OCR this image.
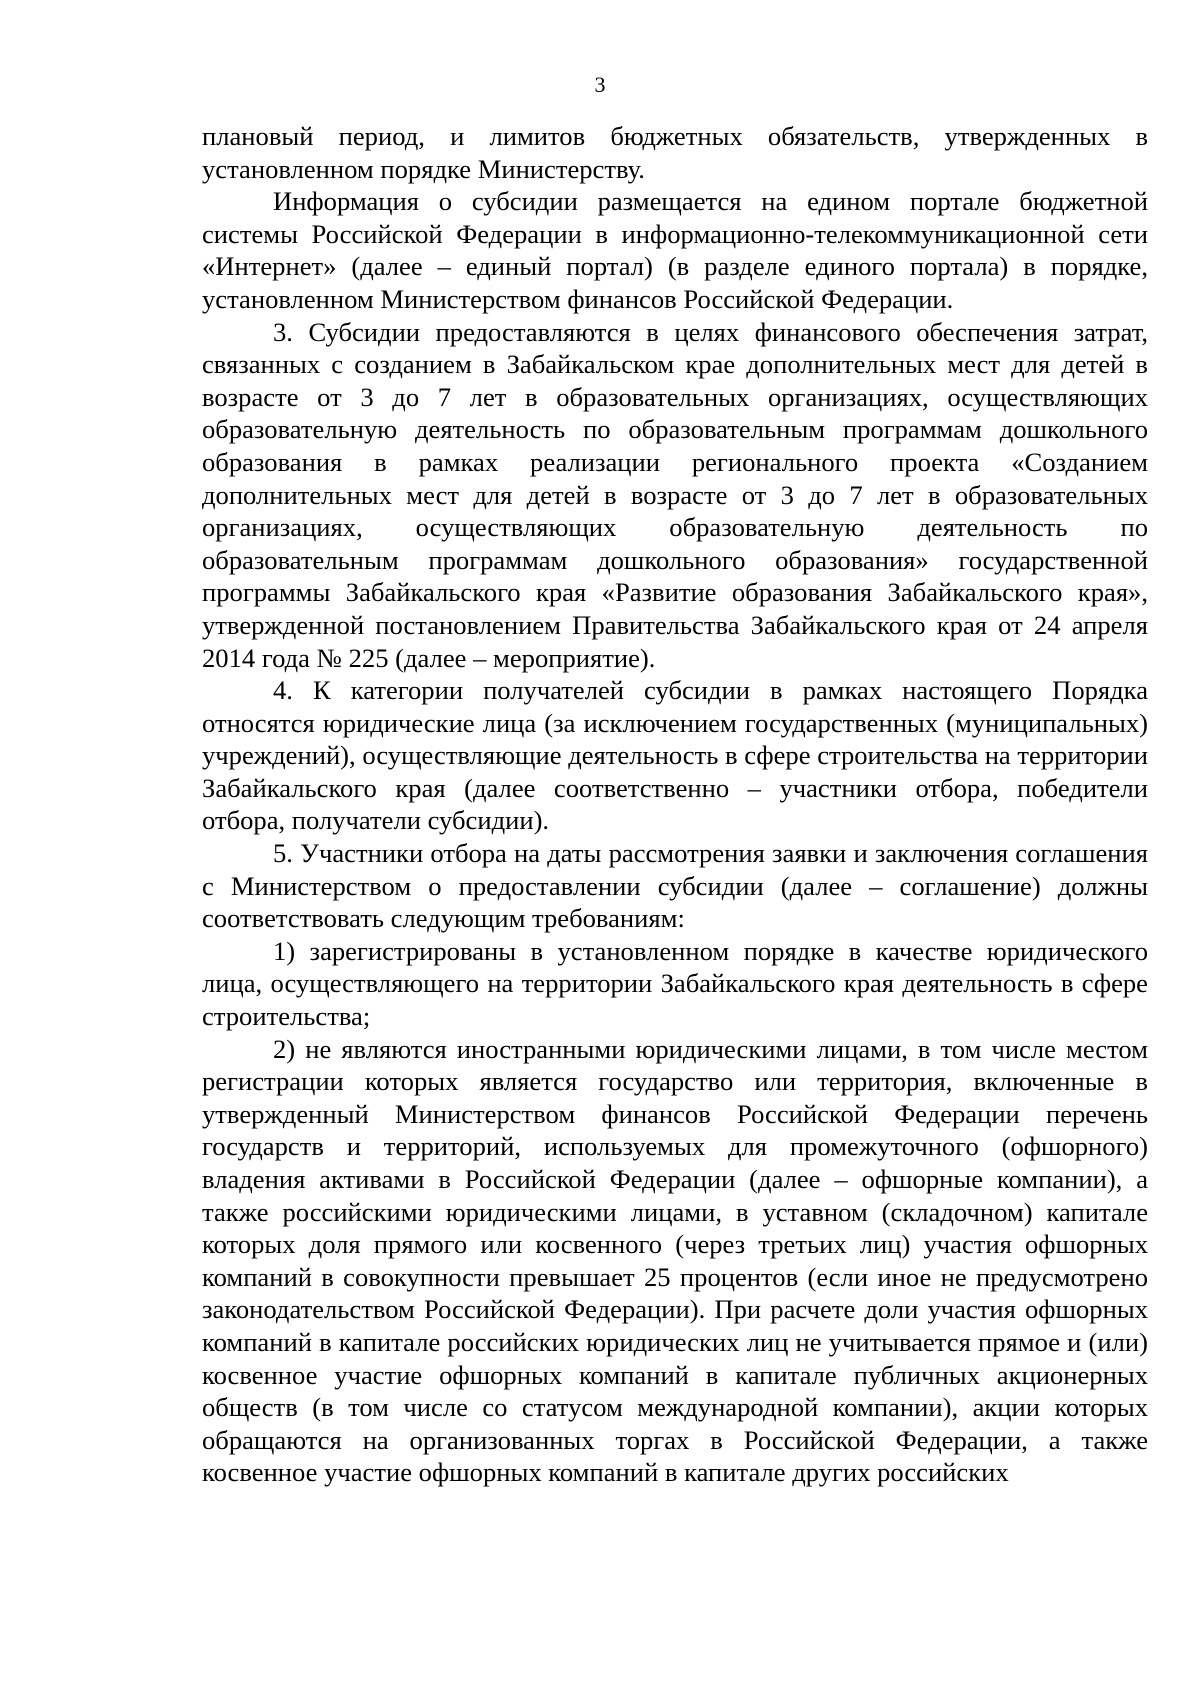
3

плановый период, и лимитов бюджетных обязательств, утвержденных в установленном порядке Министерству.

Информация о субсидии размещается на едином портале бюджетной системы Российской Федерации в информационно-телекоммуникационной сети «Интернет» (далее – единый портал) (в разделе единого портала) в порядке, установленном Министерством финансов Российской Федерации.

3. Субсидии предоставляются в целях финансового обеспечения затрат, связанных с созданием в Забайкальском крае дополнительных мест для детей в возрасте от 3 до 7 лет в образовательных организациях, осуществляющих образовательную деятельность по образовательным программам дошкольного образования в рамках реализации регионального проекта «Созданием дополнительных мест для детей в возрасте от 3 до 7 лет в образовательных организациях, осуществляющих образовательную деятельность по образовательным программам дошкольного образования» государственной программы Забайкальского края «Развитие образования Забайкальского края», утвержденной постановлением Правительства Забайкальского края от 24 апреля 2014 года № 225 (далее – мероприятие).

4. К категории получателей субсидии в рамках настоящего Порядка относятся юридические лица (за исключением государственных (муниципальных) учреждений), осуществляющие деятельность в сфере строительства на территории Забайкальского края (далее соответственно – участники отбора, победители отбора, получатели субсидии).

5. Участники отбора на даты рассмотрения заявки и заключения соглашения с Министерством о предоставлении субсидии (далее – соглашение) должны соответствовать следующим требованиям:

1) зарегистрированы в установленном порядке в качестве юридического лица, осуществляющего на территории Забайкальского края деятельность в сфере строительства;

2) не являются иностранными юридическими лицами, в том числе местом регистрации которых является государство или территория, включенные в утвержденный Министерством финансов Российской Федерации перечень государств и территорий, используемых для промежуточного (офшорного) владения активами в Российской Федерации (далее – офшорные компании), а также российскими юридическими лицами, в уставном (складочном) капитале которых доля прямого или косвенного (через третьих лиц) участия офшорных компаний в совокупности превышает 25 процентов (если иное не предусмотрено законодательством Российской Федерации). При расчете доли участия офшорных компаний в капитале российских юридических лиц не учитывается прямое и (или) косвенное участие офшорных компаний в капитале публичных акционерных обществ (в том числе со статусом международной компании), акции которых обращаются на организованных торгах в Российской Федерации, а также косвенное участие офшорных компаний в капитале других российских
